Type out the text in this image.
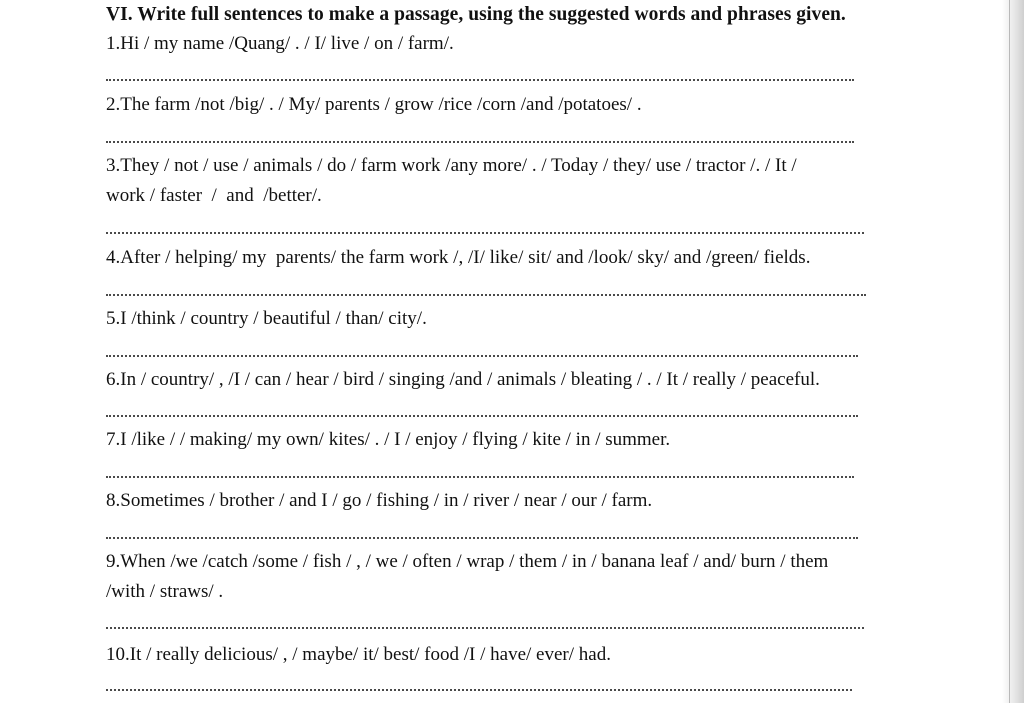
VI. Write full sentences to make a passage, using the suggested words and phrases given.

1.Hi / my name /Quang/ . / I/ live / on / farm/.

2.The farm /not /big/ . / My/ parents / grow /rice /corn /and /potatoes/ .

3.They / not / use / animals / do / farm work /any more/ . / Today / they/ use / tractor /. / It /
work / faster  /  and  /better/.

4.After / helping/ my  parents/ the farm work /, /I/ like/ sit/ and /look/ sky/ and /green/ fields.

5.I /think / country / beautiful / than/ city/.

6.In / country/ , /I / can / hear / bird / singing /and / animals / bleating / . / It / really / peaceful.

7.I /like / / making/ my own/ kites/ . / I / enjoy / flying / kite / in / summer.

8.Sometimes / brother / and I / go / fishing / in / river / near / our / farm.

9.When /we /catch /some / fish / , / we / often / wrap / them / in / banana leaf / and/ burn / them
/with / straws/ .

10.It / really delicious/ , / maybe/ it/ best/ food /I / have/ ever/ had.
